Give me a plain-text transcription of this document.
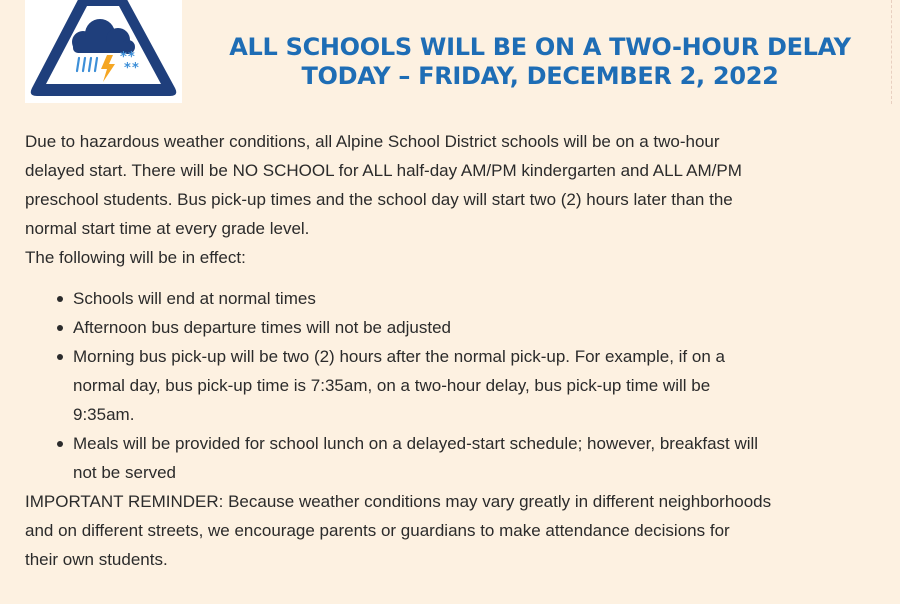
* *
* *
ALL SCHOOLS WILL BE ON A TWO-HOUR DELAY
TODAY – FRIDAY, DECEMBER 2, 2022

Due to hazardous weather conditions, all Alpine School District schools will be on a two-hour
delayed start. There will be NO SCHOOL for ALL half-day AM/PM kindergarten and ALL AM/PM
preschool students. Bus pick-up times and the school day will start two (2) hours later than the
normal start time at every grade level.
The following will be in effect:

Schools will end at normal times
Afternoon bus departure times will not be adjusted
Morning bus pick-up will be two (2) hours after the normal pick-up. For example, if on a
normal day, bus pick-up time is 7:35am, on a two-hour delay, bus pick-up time will be
9:35am.
Meals will be provided for school lunch on a delayed-start schedule; however, breakfast will
not be served

IMPORTANT REMINDER: Because weather conditions may vary greatly in different neighborhoods
and on different streets, we encourage parents or guardians to make attendance decisions for
their own students.
